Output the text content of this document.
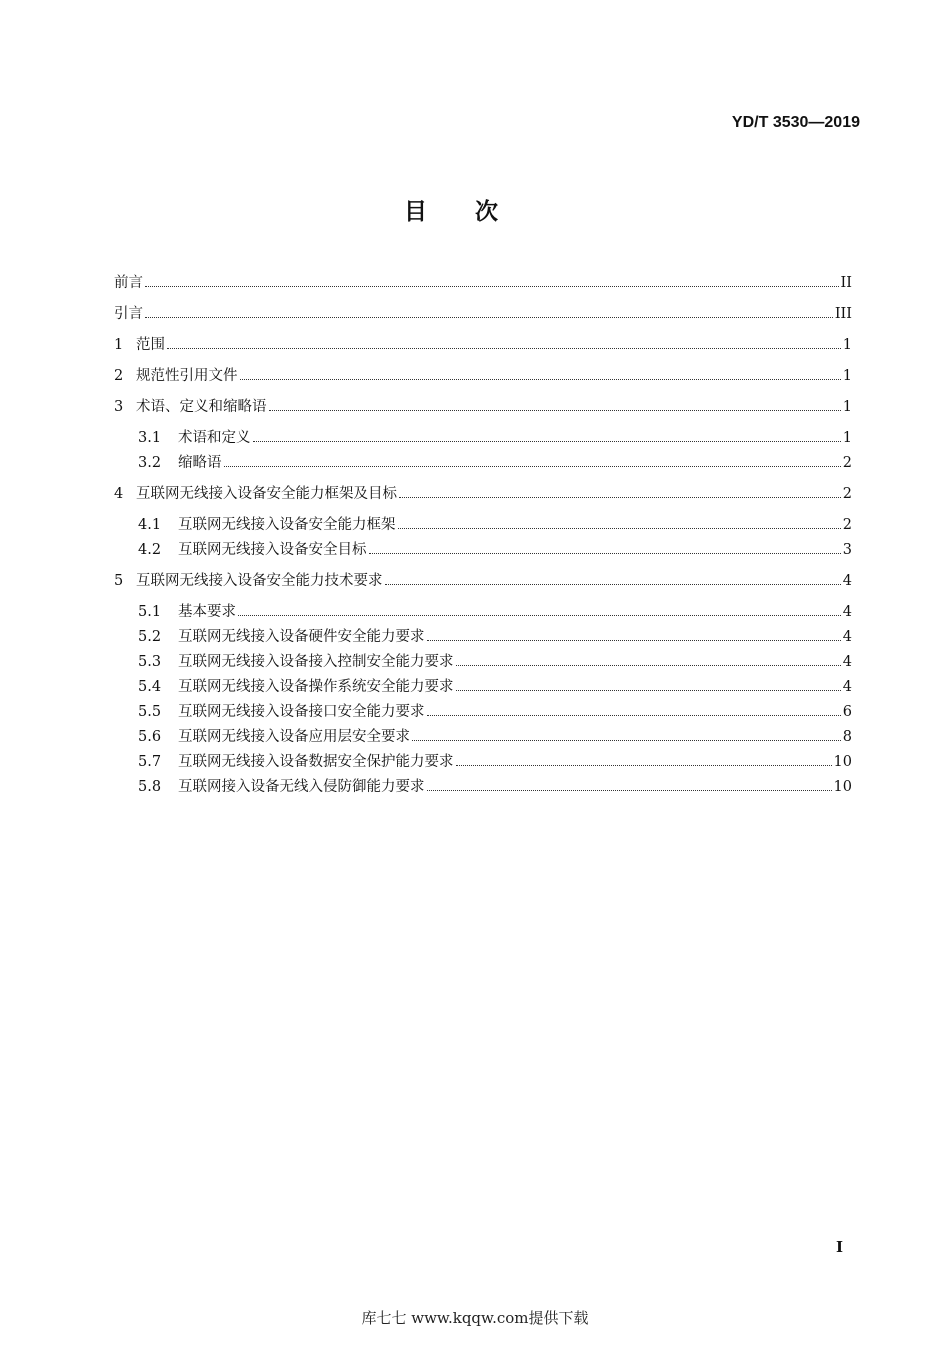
YD/T 3530—2019
目次
前言	II
引言	III
1 范围	1
2 规范性引用文件	1
3 术语、定义和缩略语	1
3.1	术语和定义	1
3.2	缩略语	2
4 互联网无线接入设备安全能力框架及目标	2
4.1	互联网无线接入设备安全能力框架	2
4.2	互联网无线接入设备安全目标	3
5 互联网无线接入设备安全能力技术要求	4
5.1	基本要求	4
5.2	互联网无线接入设备硬件安全能力要求	4
5.3	互联网无线接入设备接入控制安全能力要求	4
5.4	互联网无线接入设备操作系统安全能力要求	4
5.5	互联网无线接入设备接口安全能力要求	6
5.6	互联网无线接入设备应用层安全要求	8
5.7	互联网无线接入设备数据安全保护能力要求	10
5.8	互联网接入设备无线入侵防御能力要求	10
I
库七七 www.kqqw.com提供下载
